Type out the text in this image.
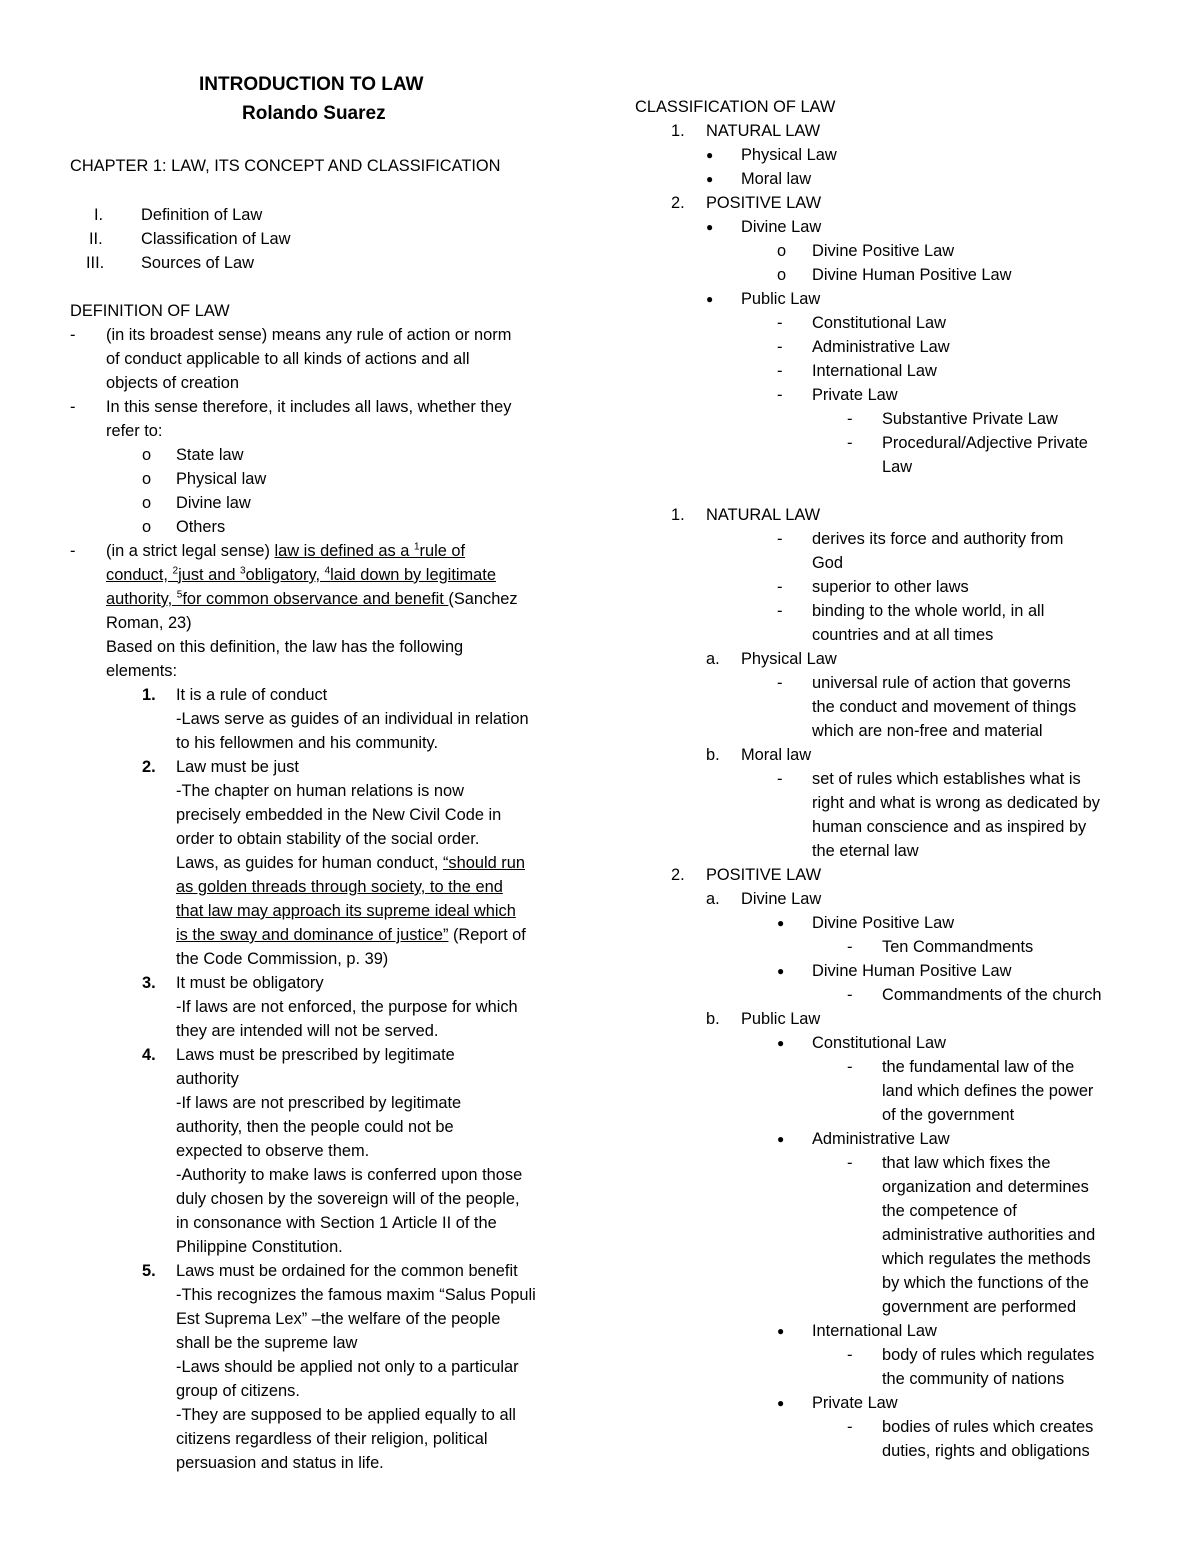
INTRODUCTION TO LAW
Rolando Suarez
CHAPTER 1: LAW, ITS CONCEPT AND CLASSIFICATION
I. Definition of Law
II. Classification of Law
III. Sources of Law
DEFINITION OF LAW
- (in its broadest sense) means any rule of action or norm
of conduct applicable to all kinds of actions and all
objects of creation
- In this sense therefore, it includes all laws, whether they
refer to:
o State law
o Physical law
o Divine law
o Others
- (in a strict legal sense) law is defined as a $^1$rule of
conduct, $^2$just and $^3$obligatory, $^4$laid down by legitimate
authority, $^5$for common observance and benefit (Sanchez
Roman, 23)
Based on this definition, the law has the following
elements:
1. It is a rule of conduct
-Laws serve as guides of an individual in relation
to his fellowmen and his community.
2. Law must be just
-The chapter on human relations is now
precisely embedded in the New Civil Code in
order to obtain stability of the social order.
Laws, as guides for human conduct, “should run
as golden threads through society, to the end
that law may approach its supreme ideal which
is the sway and dominance of justice” (Report of
the Code Commission, p. 39)
3. It must be obligatory
-If laws are not enforced, the purpose for which
they are intended will not be served.
4. Laws must be prescribed by legitimate
authority
-If laws are not prescribed by legitimate
authority, then the people could not be
expected to observe them.
-Authority to make laws is conferred upon those
duly chosen by the sovereign will of the people,
in consonance with Section 1 Article II of the
Philippine Constitution.
5. Laws must be ordained for the common benefit
-This recognizes the famous maxim “Salus Populi
Est Suprema Lex” –the welfare of the people
shall be the supreme law
-Laws should be applied not only to a particular
group of citizens.
-They are supposed to be applied equally to all
citizens regardless of their religion, political
persuasion and status in life.
CLASSIFICATION OF LAW
1. NATURAL LAW
● Physical Law
● Moral law
2. POSITIVE LAW
● Divine Law
o Divine Positive Law
o Divine Human Positive Law
● Public Law
- Constitutional Law
- Administrative Law
- International Law
- Private Law
- Substantive Private Law
- Procedural/Adjective Private
Law
1. NATURAL LAW
- derives its force and authority from
God
- superior to other laws
- binding to the whole world, in all
countries and at all times
a. Physical Law
- universal rule of action that governs
the conduct and movement of things
which are non-free and material
b. Moral law
- set of rules which establishes what is
right and what is wrong as dedicated by
human conscience and as inspired by
the eternal law
2. POSITIVE LAW
a. Divine Law
● Divine Positive Law
- Ten Commandments
● Divine Human Positive Law
- Commandments of the church
b. Public Law
● Constitutional Law
- the fundamental law of the
land which defines the power
of the government
● Administrative Law
- that law which fixes the
organization and determines
the competence of
administrative authorities and
which regulates the methods
by which the functions of the
government are performed
● International Law
- body of rules which regulates
the community of nations
● Private Law
- bodies of rules which creates
duties, rights and obligations
